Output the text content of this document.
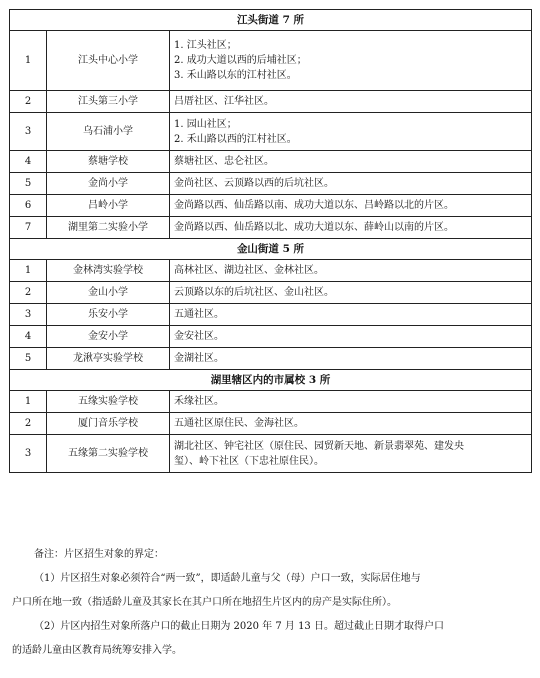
江头街道 7 所		
1	江头中心小学	1. 江头社区；
2. 成功大道以西的后埔社区；
3. 禾山路以东的江村社区。

2	江头第三小学	吕厝社区、江华社区。

3	乌石浦小学	1. 园山社区；
2. 禾山路以西的江村社区。

4	蔡塘学校	蔡塘社区、忠仑社区。

5	金尚小学	金尚社区、云顶路以西的后坑社区。

6	吕岭小学	金尚路以西、仙岳路以南、成功大道以东、吕岭路以北的片区。

7	湖里第二实验小学	金尚路以西、仙岳路以北、成功大道以东、薛岭山以南的片区。

金山街道 5 所		
1	金林湾实验学校	高林社区、湖边社区、金林社区。

2	金山小学	云顶路以东的后坑社区、金山社区。

3	乐安小学	五通社区。

4	金安小学	金安社区。

5	龙湫亭实验学校	金湖社区。

湖里辖区内的市属校 3 所		
1	五缘实验学校	禾缘社区。

2	厦门音乐学校	五通社区原住民、金海社区。

3	五缘第二实验学校	湖北社区、钟宅社区（原住民、园贸新天地、新景翡翠苑、建发央
玺）、岭下社区（下忠社原住民）。

备注：片区招生对象的界定：

（1）片区招生对象必须符合“两一致”，即适龄儿童与父（母）户口一致，实际居住地与

户口所在地一致（指适龄儿童及其家长在其户口所在地招生片区内的房产是实际住所）。

（2）片区内招生对象所落户口的截止日期为 2020 年 7 月 13 日。超过截止日期才取得户口

的适龄儿童由区教育局统筹安排入学。
